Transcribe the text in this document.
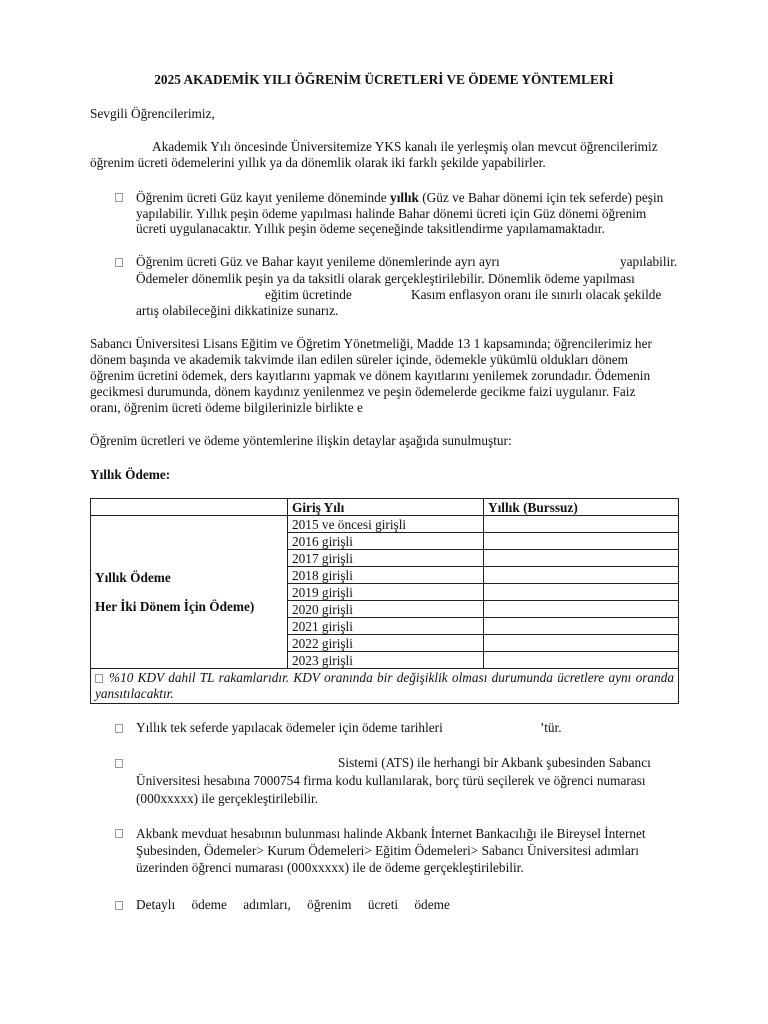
2025 AKADEMİK YILI ÖĞRENİM ÜCRETLERİ VE ÖDEME YÖNTEMLERİ
Sevgili Öğrencilerimiz,
Akademik Yılı öncesinde Üniversitemize YKS kanalı ile yerleşmiş olan mevcut öğrencilerimiz
öğrenim ücreti ödemelerini yıllık ya da dönemlik olarak iki farklı şekilde yapabilirler.
Öğrenim ücreti Güz kayıt yenileme döneminde yıllık (Güz ve Bahar dönemi için tek seferde) peşin
yapılabilir. Yıllık peşin ödeme yapılması halinde Bahar dönemi ücreti için Güz dönemi öğrenim
ücreti uygulanacaktır. Yıllık peşin ödeme seçeneğinde taksitlendirme yapılamamaktadır.
Öğrenim ücreti Güz ve Bahar kayıt yenileme dönemlerinde ayrı ayrı	yapılabilir.
Ödemeler dönemlik peşin ya da taksitli olarak gerçekleştirilebilir. Dönemlik ödeme yapılması
eğitim ücretinde	Kasım enflasyon oranı ile sınırlı olacak şekilde
artış olabileceğini dikkatinize sunarız.
Sabancı Üniversitesi Lisans Eğitim ve Öğretim Yönetmeliği, Madde 13 1 kapsamında; öğrencilerimiz her
dönem başında ve akademik takvimde ilan edilen süreler içinde, ödemekle yükümlü oldukları dönem
öğrenim ücretini ödemek, ders kayıtlarını yapmak ve dönem kayıtlarını yenilemek zorundadır. Ödemenin
gecikmesi durumunda, dönem kaydınız yenilenmez ve peşin ödemelerde gecikme faizi uygulanır. Faiz
oranı, öğrenim ücreti ödeme bilgilerinizle birlikte e
Öğrenim ücretleri ve ödeme yöntemlerine ilişkin detaylar aşağıda sunulmuştur:
Yıllık Ödeme:
	Giriş Yılı	Yıllık (Burssuz)

Yıllık Ödeme
Her İki Dönem İçin Ödeme)	2015 ve öncesi girişli	
	2016 girişli	
	2017 girişli	
	2018 girişli	
	2019 girişli	
	2020 girişli	
	2021 girişli	
	2022 girişli	
	2023 girişli	
%10 KDV dahil TL rakamlarıdır. KDV oranında bir değişiklik olması durumunda ücretlere aynı oranda yansıtılacaktır.		
Yıllık tek seferde yapılacak ödemeler için ödeme tarihleri	’tür.
Sistemi (ATS) ile herhangi bir Akbank şubesinden Sabancı
Üniversitesi hesabına 7000754 firma kodu kullanılarak, borç türü seçilerek ve öğrenci numarası
(000xxxxx) ile gerçekleştirilebilir.
Akbank mevduat hesabının bulunması halinde Akbank İnternet Bankacılığı ile Bireysel İnternet
Şubesinden, Ödemeler> Kurum Ödemeleri> Eğitim Ödemeleri> Sabancı Üniversitesi adımları
üzerinden öğrenci numarası (000xxxxx) ile de ödeme gerçekleştirilebilir.
Detaylı ödeme adımları, öğrenim ücreti ödeme
